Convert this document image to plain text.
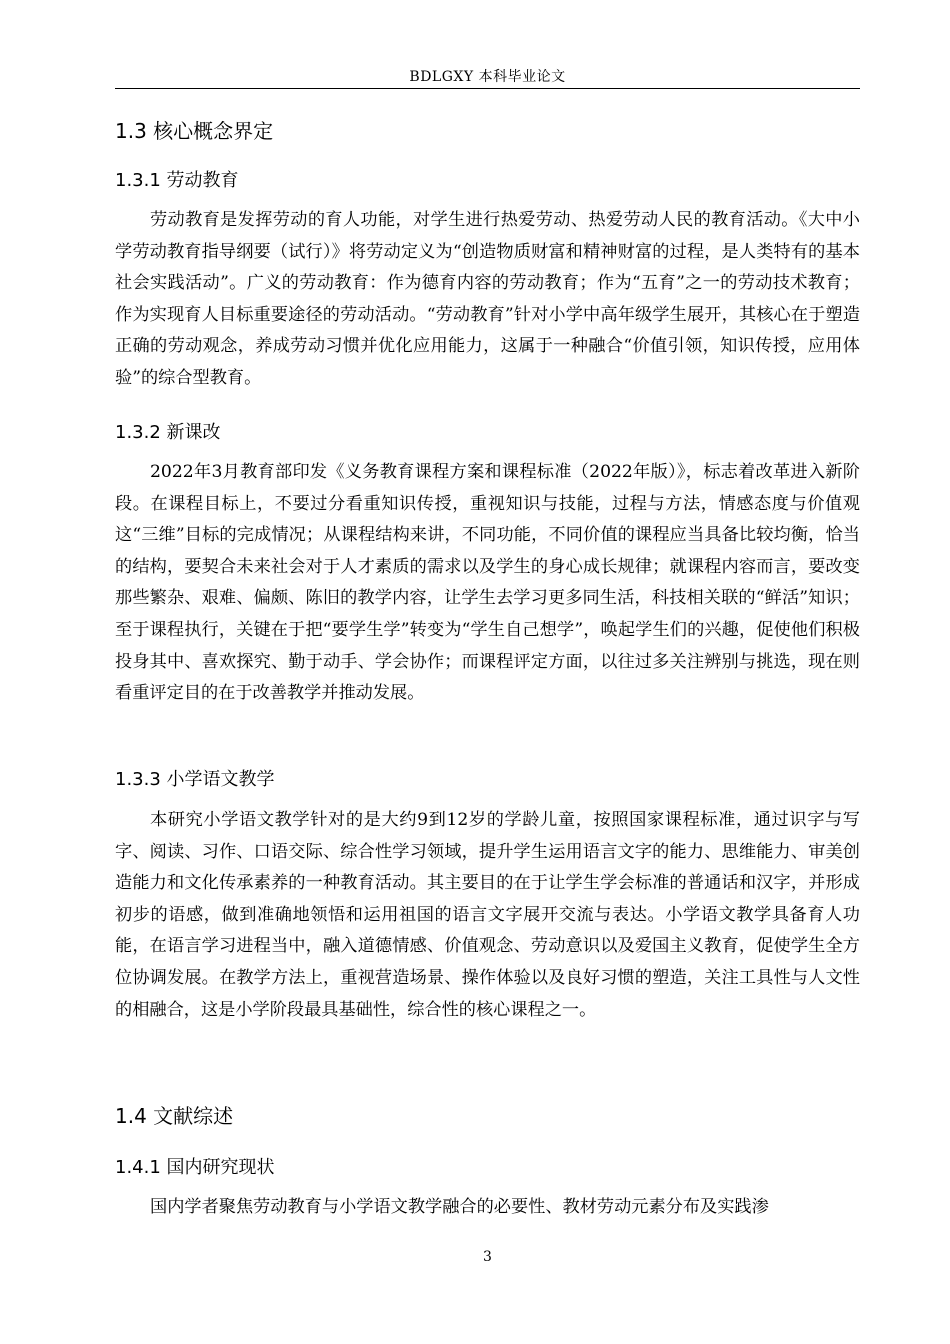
BDLGXY 本科毕业论文
1.3 核心概念界定
1.3.1 劳动教育

劳动教育是发挥劳动的育人功能，对学生进行热爱劳动、热爱劳动人民的教育活动。《大中小学劳动教育指导纲要（试行）》将劳动定义为“创造物质财富和精神财富的过程，是人类特有的基本社会实践活动”。广义的劳动教育：作为德育内容的劳动教育；作为“五育”之一的劳动技术教育；作为实现育人目标重要途径的劳动活动。“劳动教育”针对小学中高年级学生展开，其核心在于塑造正确的劳动观念，养成劳动习惯并优化应用能力，这属于一种融合“价值引领，知识传授，应用体验”的综合型教育。

1.3.2 新课改

2022年3月教育部印发《义务教育课程方案和课程标准（2022年版）》，标志着改革进入新阶段。在课程目标上，不要过分看重知识传授，重视知识与技能，过程与方法，情感态度与价值观这“三维”目标的完成情况；从课程结构来讲，不同功能，不同价值的课程应当具备比较均衡，恰当的结构，要契合未来社会对于人才素质的需求以及学生的身心成长规律；就课程内容而言，要改变那些繁杂、艰难、偏颇、陈旧的教学内容，让学生去学习更多同生活，科技相关联的“鲜活”知识；至于课程执行，关键在于把“要学生学”转变为“学生自己想学”，唤起学生们的兴趣，促使他们积极投身其中、喜欢探究、勤于动手、学会协作；而课程评定方面，以往过多关注辨别与挑选，现在则看重评定目的在于改善教学并推动发展。

1.3.3 小学语文教学

本研究小学语文教学针对的是大约9到12岁的学龄儿童，按照国家课程标准，通过识字与写字、阅读、习作、口语交际、综合性学习领域，提升学生运用语言文字的能力、思维能力、审美创造能力和文化传承素养的一种教育活动。其主要目的在于让学生学会标准的普通话和汉字，并形成初步的语感，做到准确地领悟和运用祖国的语言文字展开交流与表达。小学语文教学具备育人功能，在语言学习进程当中，融入道德情感、价值观念、劳动意识以及爱国主义教育，促使学生全方位协调发展。在教学方法上，重视营造场景、操作体验以及良好习惯的塑造，关注工具性与人文性的相融合，这是小学阶段最具基础性，综合性的核心课程之一。

1.4 文献综述
1.4.1 国内研究现状

国内学者聚焦劳动教育与小学语文教学融合的必要性、教材劳动元素分布及实践渗

3
